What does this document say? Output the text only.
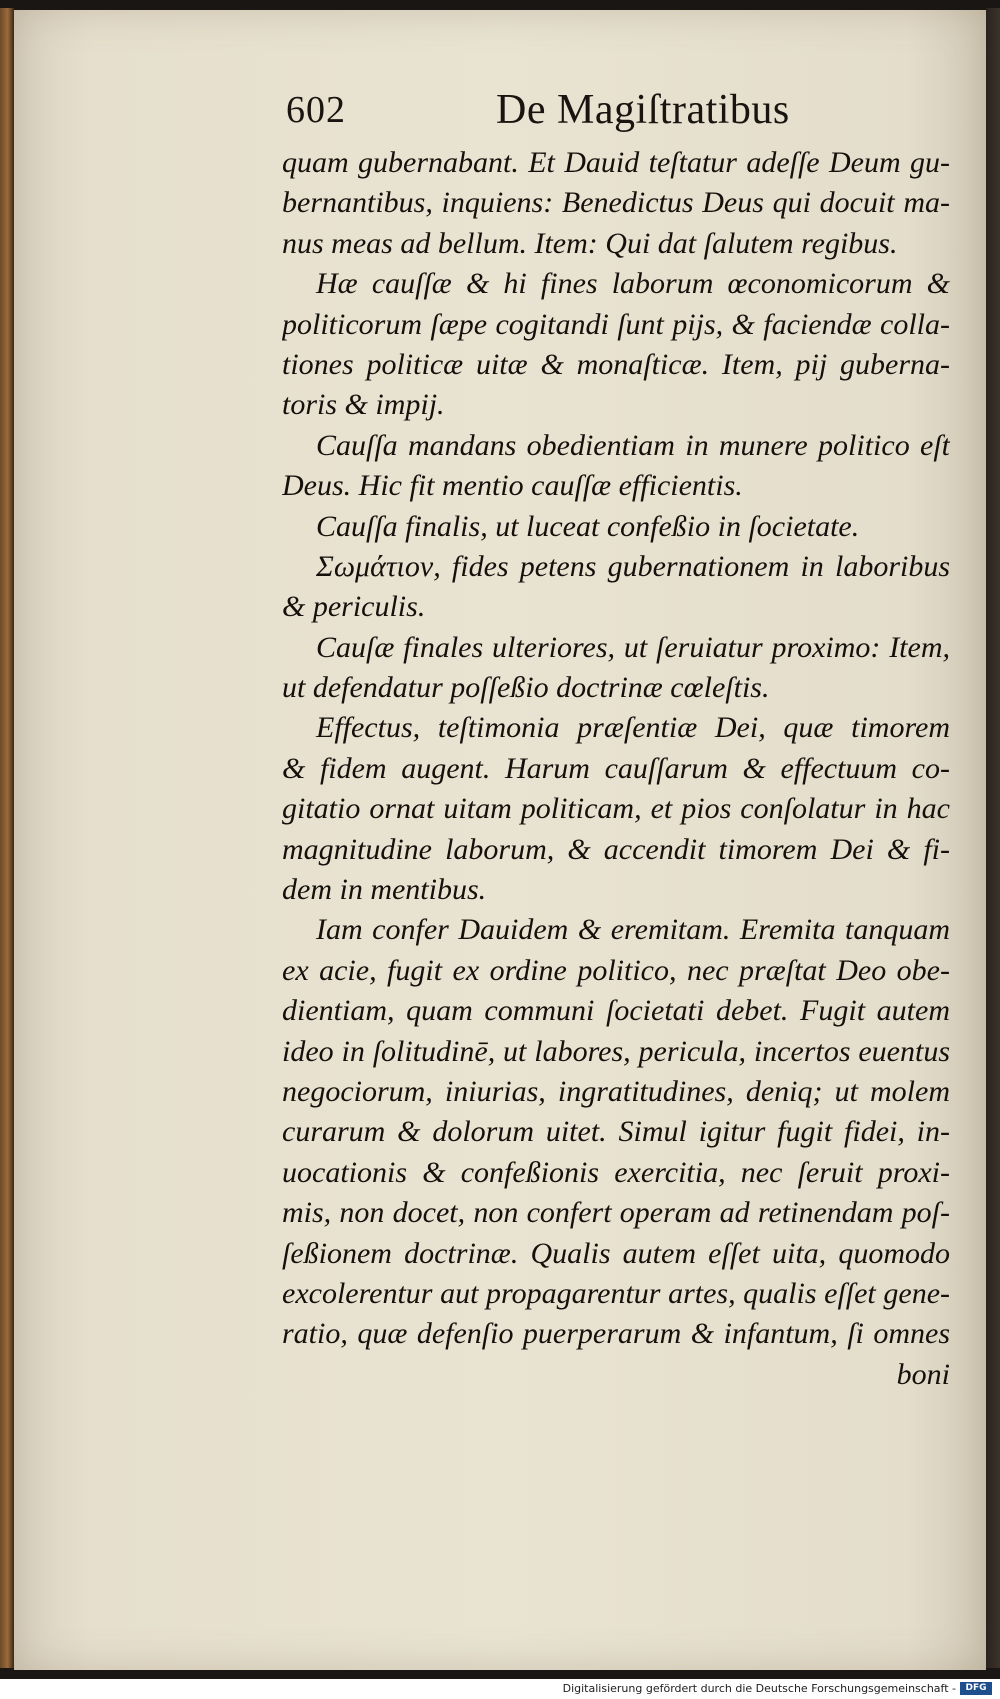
602	De Magiſtratibus
quam gubernabant. Et Dauid teſtatur adeſſe Deum gu-
bernantibus, inquiens: Benedictus Deus qui docuit ma-
nus meas ad bellum. Item: Qui dat ſalutem regibus.
Hæ cauſſæ & hi fines laborum œconomicorum &
politicorum ſæpe cogitandi ſunt pijs, & faciendæ colla-
tiones politicæ uitæ & monaſticæ. Item, pij guberna-
toris & impij.
Cauſſa mandans obedientiam in munere politico eſt
Deus. Hic fit mentio cauſſæ efficientis.
Cauſſa finalis, ut luceat confeßio in ſocietate.
Σωμάτιον, fides petens gubernationem in laboribus
& periculis.
Cauſæ finales ulteriores, ut ſeruiatur proximo: Item,
ut defendatur poſſeßio doctrinæ cœleſtis.
Effectus, teſtimonia præſentiæ Dei, quæ timorem
& fidem augent. Harum cauſſarum & effectuum co-
gitatio ornat uitam politicam, et pios conſolatur in hac
magnitudine laborum, & accendit timorem Dei & fi-
dem in mentibus.
Iam confer Dauidem & eremitam. Eremita tanquam
ex acie, fugit ex ordine politico, nec præſtat Deo obe-
dientiam, quam communi ſocietati debet. Fugit autem
ideo in ſolitudinē, ut labores, pericula, incertos euentus
negociorum, iniurias, ingratitudines, deniq; ut molem
curarum & dolorum uitet. Simul igitur fugit fidei, in-
uocationis & confeßionis exercitia, nec ſeruit proxi-
mis, non docet, non confert operam ad retinendam poſ-
ſeßionem doctrinæ. Qualis autem eſſet uita, quomodo
excolerentur aut propagarentur artes, qualis eſſet gene-
ratio, quæ defenſio puerperarum & infantum, ſi omnes
boni
Digitalisierung gefördert durch die Deutsche Forschungsgemeinschaft -	DFG
